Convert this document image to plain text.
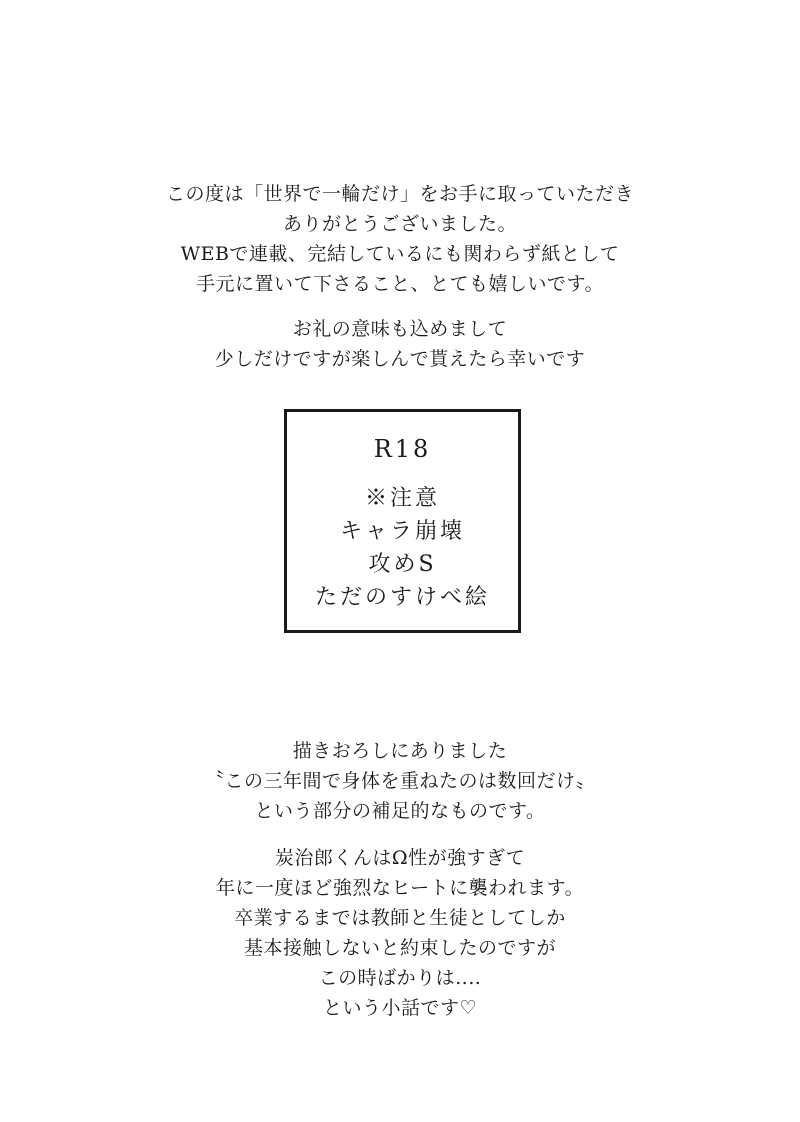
この度は「世界で一輪だけ」をお手に取っていただき
ありがとうございました。
WEBで連載、完結しているにも関わらず紙として
手元に置いて下さること、とても嬉しいです。
お礼の意味も込めまして
少しだけですが楽しんで貰えたら幸いです
R18
※注意
キャラ崩壊
攻めS
ただのすけべ絵
描きおろしにありました
〝この三年間で身体を重ねたのは数回だけ〟
という部分の補足的なものです。
炭治郎くんはΩ性が強すぎて
年に一度ほど強烈なヒートに襲われます。
卒業するまでは教師と生徒としてしか
基本接触しないと約束したのですが
この時ばかりは‥‥
という小話です♡
